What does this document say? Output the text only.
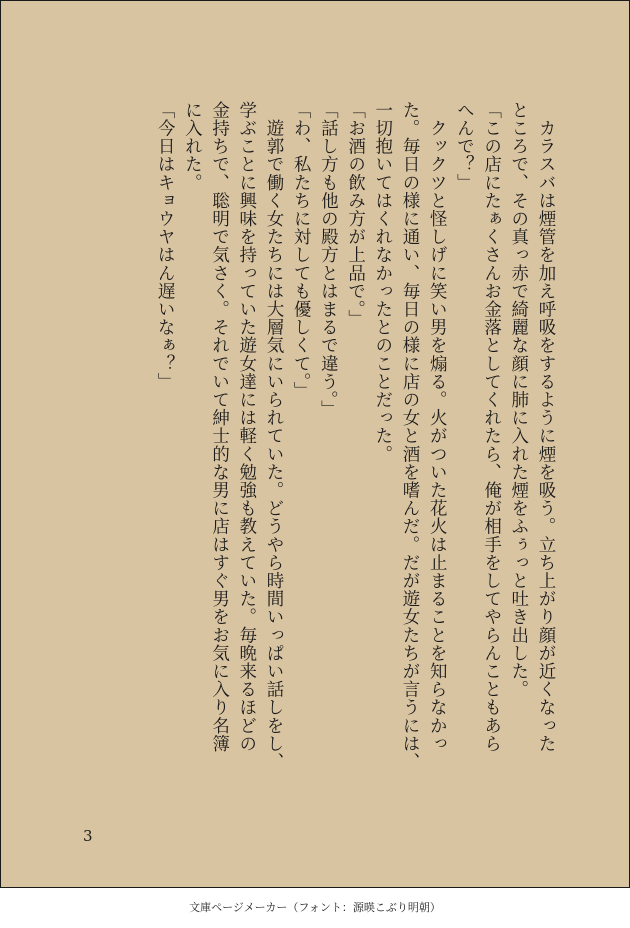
　カラスバは煙管を加え呼吸をするように煙を吸う。立ち上がり顔が近くなった
ところで、その真っ赤で綺麗な顔に肺に入れた煙をふぅっと吐き出した。
「この店にたぁくさんお金落としてくれたら、俺が相手をしてやらんこともあら
へんで？」
　クックツと怪しげに笑い男を煽る。火がついた花火は止まることを知らなかっ
た。毎日の様に通い、毎日の様に店の女と酒を嗜んだ。だが遊女たちが言うには、
一切抱いてはくれなかったとのことだった。
「お酒の飲み方が上品で。」
「話し方も他の殿方とはまるで違う。」
「わ、私たちに対しても優しくて。」
　遊郭で働く女たちには大層気にいられていた。どうやら時間いっぱい話しをし、
学ぶことに興味を持っていた遊女達には軽く勉強も教えていた。毎晩来るほどの
金持ちで、聡明で気さく。それでいて紳士的な男に店はすぐ男をお気に入り名簿
に入れた。
「今日はキョウヤはん遅いなぁ？」
3
文庫ページメーカー（フォント：源暎こぶり明朝）
